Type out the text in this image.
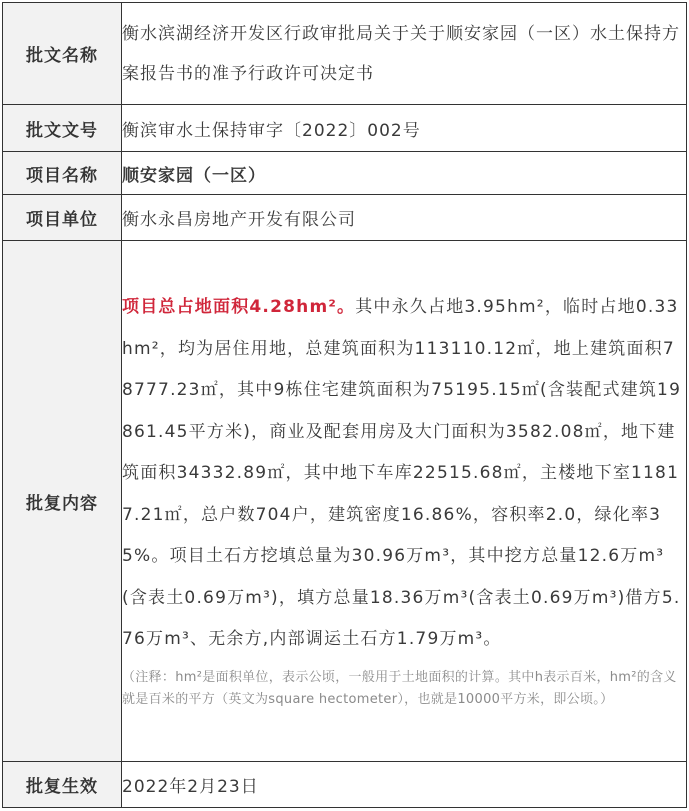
批文名称	衡水滨湖经济开发区行政审批局关于关于顺安家园（一区）水土保持方案报告书的准予行政许可决定书
批文文号	衡滨审水土保持审字〔2022〕002号
项目名称	顺安家园（一区）
项目单位	衡水永昌房地产开发有限公司
批复内容	项目总占地面积4.28hm²。其中永久占地3.95hm²，临时占地0.33hm²，均为居住用地，总建筑面积为113110.12㎡，地上建筑面积78777.23㎡，其中9栋住宅建筑面积为75195.15㎡(含装配式建筑19861.45平方米)，商业及配套用房及大门面积为3582.08㎡，地下建筑面积34332.89㎡，其中地下车库22515.68㎡，主楼地下室11817.21㎡，总户数704户，建筑密度16.86%，容积率2.0，绿化率35%。项目土石方挖填总量为30.96万m³，其中挖方总量12.6万m³(含表土0.69万m³)，填方总量18.36万m³(含表土0.69万m³)借方5.76万m³、无余方,内部调运土石方1.79万m³。
（注释：hm²是面积单位，表示公顷，一般用于土地面积的计算。其中h表示百米，hm²的含义就是百米的平方（英文为square hectometer），也就是10000平方米，即公顷。）

批复生效	2022年2月23日
